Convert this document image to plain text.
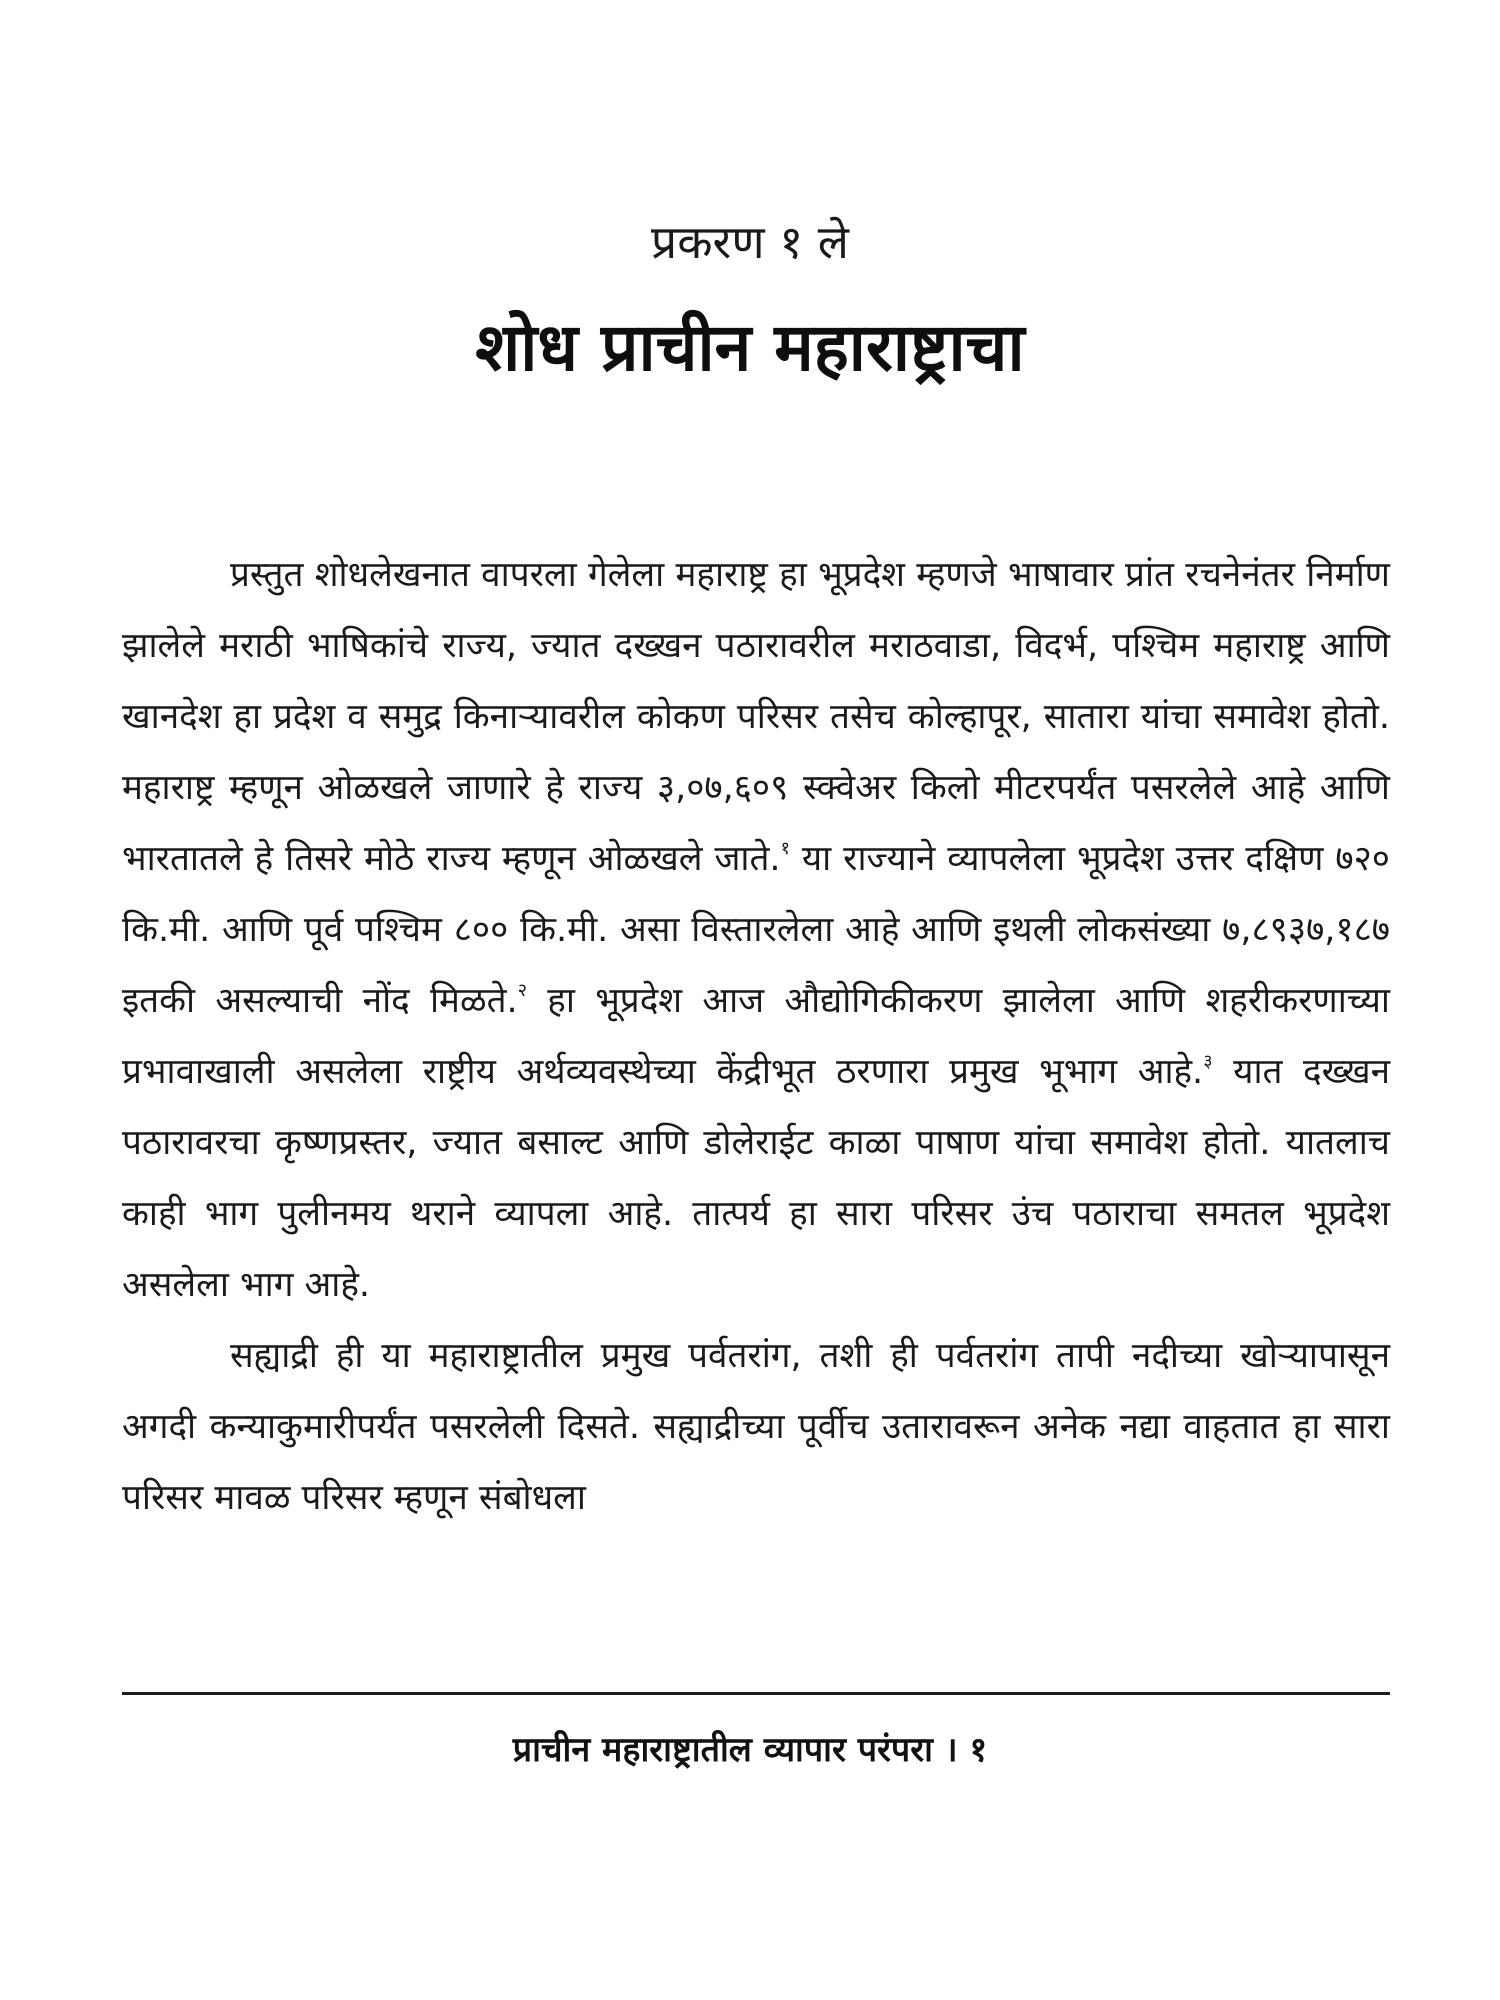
प्रकरण १ ले
शोध प्राचीन महाराष्ट्राचा

प्रस्तुत शोधलेखनात वापरला गेलेला महाराष्ट्र हा भूप्रदेश म्हणजे भाषावार प्रांत रचनेनंतर निर्माण झालेले मराठी भाषिकांचे राज्य, ज्यात दख्खन पठारावरील मराठवाडा, विदर्भ, पश्चिम महाराष्ट्र आणि खानदेश हा प्रदेश व समुद्र किनाऱ्यावरील कोकण परिसर तसेच कोल्हापूर, सातारा यांचा समावेश होतो. महाराष्ट्र म्हणून ओळखले जाणारे हे राज्य ३,०७,६०९ स्क्वेअर किलो मीटरपर्यंत पसरलेले आहे आणि भारतातले हे तिसरे मोठे राज्य म्हणून ओळखले जाते.$^१$ या राज्याने व्यापलेला भूप्रदेश उत्तर दक्षिण ७२० कि.मी. आणि पूर्व पश्चिम ८०० कि.मी. असा विस्तारलेला आहे आणि इथली लोकसंख्या ७,८९३७,१८७ इतकी असल्याची नोंद मिळते.$^२$ हा भूप्रदेश आज औद्योगिकीकरण झालेला आणि शहरीकरणाच्या प्रभावाखाली असलेला राष्ट्रीय अर्थव्यवस्थेच्या केंद्रीभूत ठरणारा प्रमुख भूभाग आहे.$^३$ यात दख्खन पठारावरचा कृष्णप्रस्तर, ज्यात बसाल्ट आणि डोलेराईट काळा पाषाण यांचा समावेश होतो. यातलाच काही भाग पुलीनमय थराने व्यापला आहे. तात्पर्य हा सारा परिसर उंच पठाराचा समतल भूप्रदेश असलेला भाग आहे.

सह्याद्री ही या महाराष्ट्रातील प्रमुख पर्वतरांग, तशी ही पर्वतरांग तापी नदीच्या खोऱ्यापासून अगदी कन्याकुमारीपर्यंत पसरलेली दिसते. सह्याद्रीच्या पूर्वीच उतारावरून अनेक नद्या वाहतात हा सारा परिसर मावळ परिसर म्हणून संबोधला

प्राचीन महाराष्ट्रातील व्यापार परंपरा । १
